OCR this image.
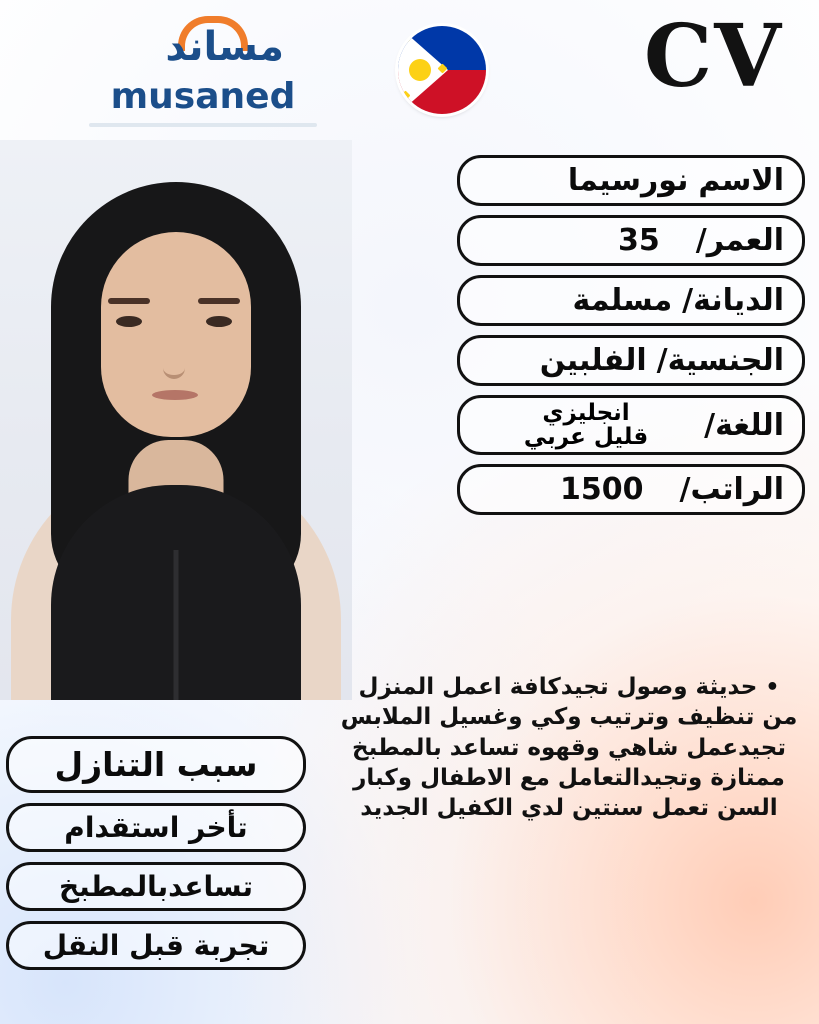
مساند
musaned	CV
الاسم
نورسيما
العمر/
35
الديانة/
مسلمة
الجنسية/
الفلبين
اللغة/
انجليزي
قليل عربي
الراتب/
1500
• حديثة وصول تجيدكافة اعمل المنزل من تنظيف وترتيب وكي وغسيل الملابس تجيدعمل شاهي وقهوه تساعد بالمطبخ ممتازة وتجيدالتعامل مع الاطفال وكبار السن تعمل سنتين لدي الكفيل الجديد
سبب التنازل
تأخر استقدام
تساعدبالمطبخ
تجربة قبل النقل
